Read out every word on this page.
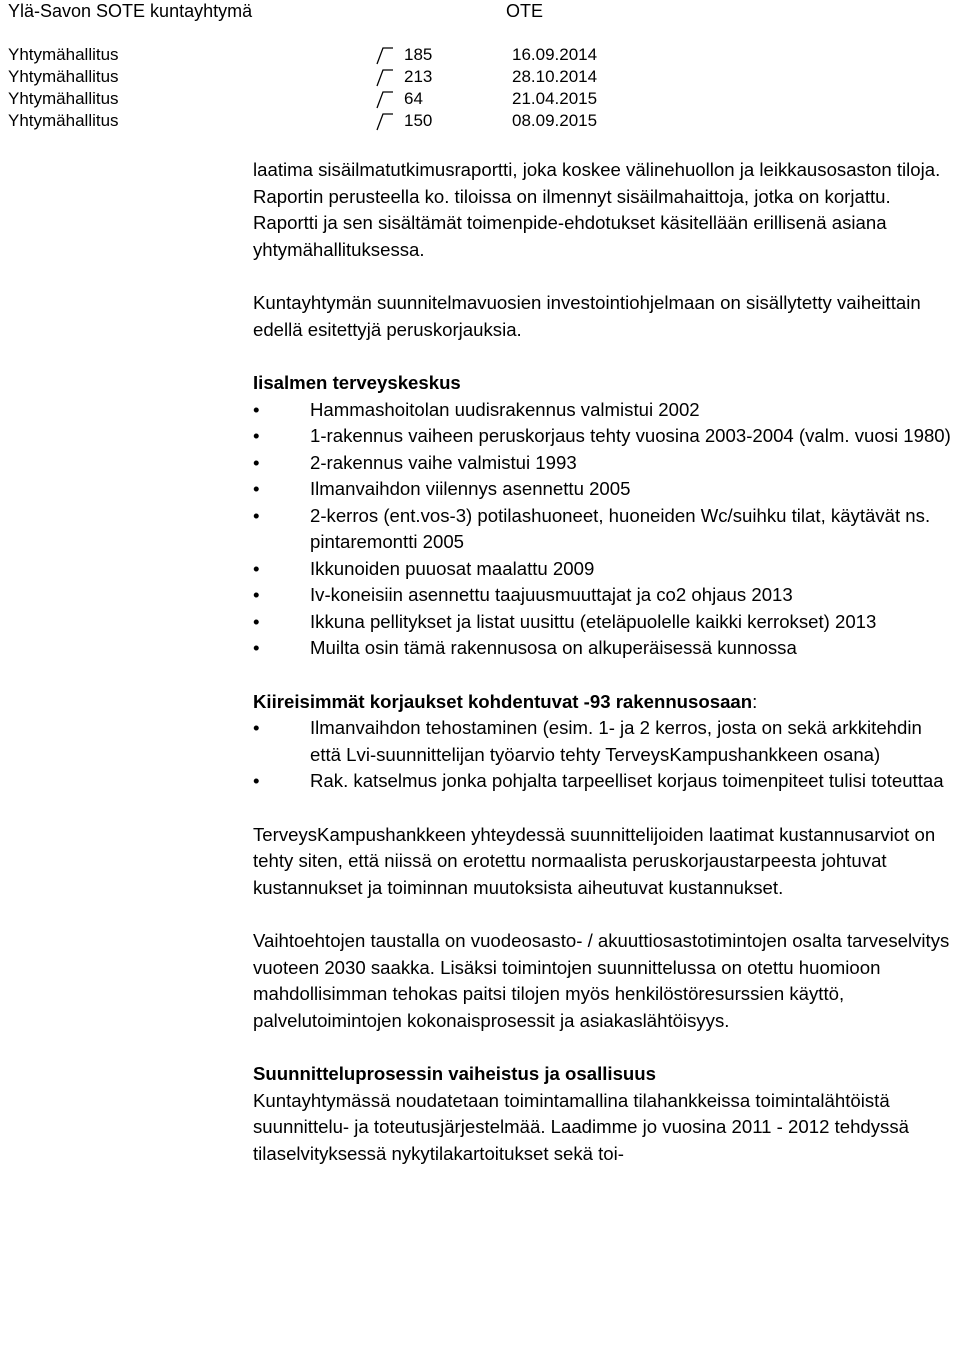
Ylä-Savon SOTE kuntayhtymä	OTE
Yhtymähallitus	185	16.09.2014
Yhtymähallitus	213	28.10.2014
Yhtymähallitus	64	21.04.2015
Yhtymähallitus	150	08.09.2015

laatima sisäilmatutkimusraportti, joka koskee välinehuollon ja leikkausosaston tiloja. Raportin perusteella ko. tiloissa on ilmennyt sisäilmahaittoja, jotka on korjattu. Raportti ja sen sisältämät toimenpide-ehdotukset käsitellään erillisenä asiana yhtymähallituksessa.

Kuntayhtymän suunnitelmavuosien investointiohjelmaan on sisällytetty vaiheittain edellä esitettyjä peruskorjauksia.

Iisalmen terveyskeskus

•	Hammashoitolan uudisrakennus valmistui 2002
•	1-rakennus vaiheen peruskorjaus tehty vuosina 2003-2004 (valm. vuosi 1980)
•	2-rakennus vaihe valmistui 1993
•	Ilmanvaihdon viilennys asennettu 2005
•	2-kerros (ent.vos-3) potilashuoneet, huoneiden Wc/suihku tilat, käytävät ns. pintaremontti 2005
•	Ikkunoiden puuosat maalattu 2009
•	Iv-koneisiin asennettu taajuusmuuttajat ja co2 ohjaus 2013
•	Ikkuna pellitykset ja listat uusittu (eteläpuolelle kaikki kerrokset) 2013
•	Muilta osin tämä rakennusosa on alkuperäisessä kunnossa

Kiireisimmät korjaukset kohdentuvat -93 rakennusosaan:

•	Ilmanvaihdon tehostaminen (esim. 1- ja 2 kerros, josta on sekä arkkitehdin että Lvi-suunnittelijan työarvio tehty TerveysKampushankkeen osana)
•	Rak. katselmus jonka pohjalta tarpeelliset korjaus toimenpiteet tulisi toteuttaa

TerveysKampushankkeen yhteydessä suunnittelijoiden laatimat kustannusarviot on tehty siten, että niissä on erotettu normaalista peruskorjaustarpeesta johtuvat kustannukset ja toiminnan muutoksista aiheutuvat kustannukset.

Vaihtoehtojen taustalla on vuodeosasto- / akuuttiosastotimintojen osalta tarveselvitys vuoteen 2030 saakka. Lisäksi toimintojen suunnittelussa on otettu huomioon mahdollisimman tehokas paitsi tilojen myös henkilöstöresurssien käyttö, palvelutoimintojen kokonaisprosessit ja asiakaslähtöisyys.

Suunnitteluprosessin vaiheistus ja osallisuus

Kuntayhtymässä noudatetaan toimintamallina tilahankkeissa toimintalähtöistä suunnittelu- ja toteutusjärjestelmää. Laadimme jo vuosina 2011 - 2012 tehdyssä tilaselvityksessä nykytilakartoitukset sekä toi-
